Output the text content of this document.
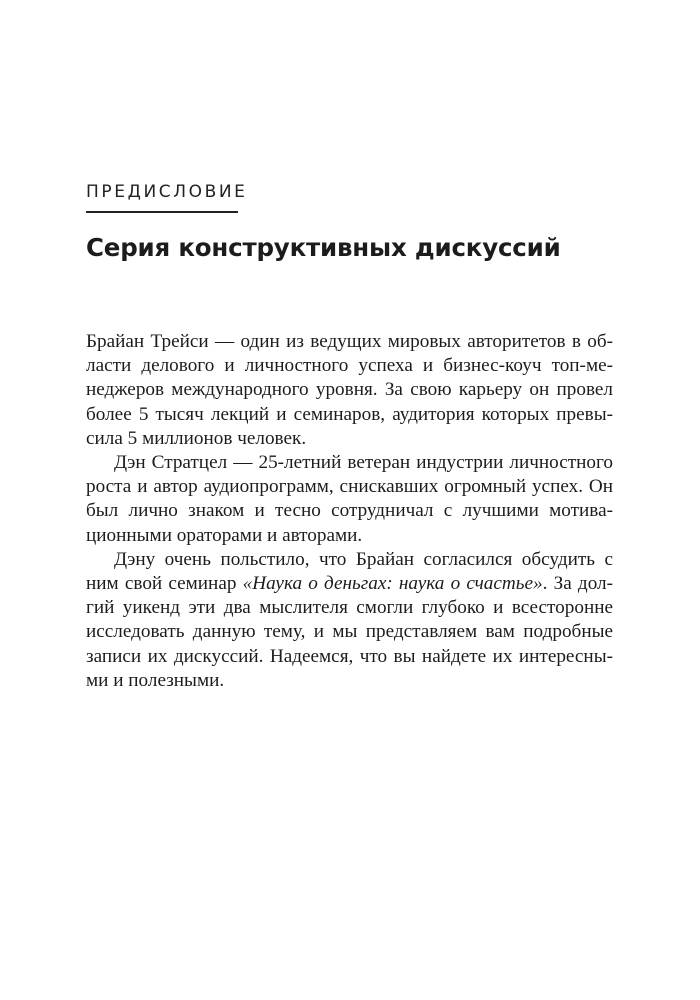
ПРЕДИСЛОВИЕ
Серия конструктивных дискуссий

Брайан Трейси — один из ведущих мировых авторитетов в области делового и личностного успеха и бизнес-коуч топ-менеджеров международного уровня. За свою карьеру он провел более 5 тысяч лекций и семинаров, аудитория которых превысила 5 миллионов человек.

Дэн Стратцел — 25-летний ветеран индустрии личностного роста и автор аудиопрограмм, снискавших огромный успех. Он был лично знаком и тесно сотрудничал с лучшими мотивационными ораторами и авторами.

Дэну очень польстило, что Брайан согласился обсудить с ним свой семинар «Наука о деньгах: наука о счастье». За долгий уикенд эти два мыслителя смогли глубоко и всесторонне исследовать данную тему, и мы представляем вам подробные записи их дискуссий. Надеемся, что вы найдете их интересными и полезными.
